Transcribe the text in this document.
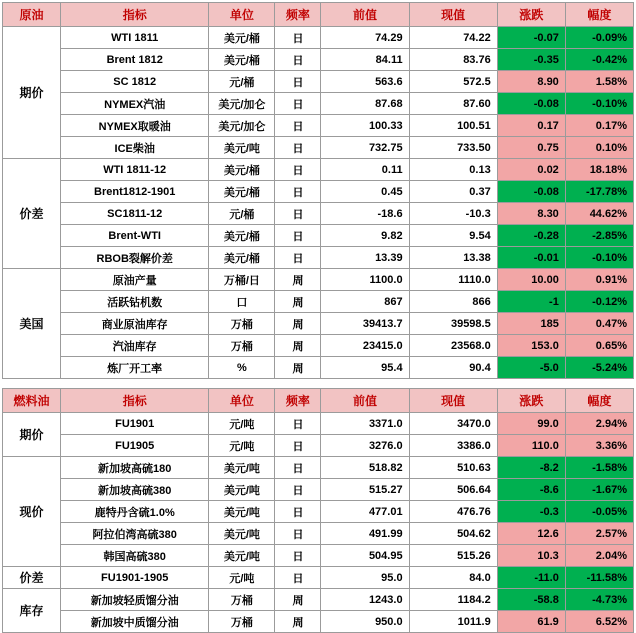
原油	指标	单位	频率	前值	现值	涨跌	幅度
期价	WTI 1811	美元/桶	日	74.29	74.22	-0.07	-0.09%
	Brent 1812	美元/桶	日	84.11	83.76	-0.35	-0.42%
	SC 1812	元/桶	日	563.6	572.5	8.90	1.58%
	NYMEX汽油	美元/加仑	日	87.68	87.60	-0.08	-0.10%
	NYMEX取暖油	美元/加仑	日	100.33	100.51	0.17	0.17%
	ICE柴油	美元/吨	日	732.75	733.50	0.75	0.10%
价差	WTI 1811-12	美元/桶	日	0.11	0.13	0.02	18.18%
	Brent1812-1901	美元/桶	日	0.45	0.37	-0.08	-17.78%
	SC1811-12	元/桶	日	-18.6	-10.3	8.30	44.62%
	Brent-WTI	美元/桶	日	9.82	9.54	-0.28	-2.85%
	RBOB裂解价差	美元/桶	日	13.39	13.38	-0.01	-0.10%
美国	原油产量	万桶/日	周	1100.0	1110.0	10.00	0.91%
	活跃钻机数	口	周	867	866	-1	-0.12%
	商业原油库存	万桶	周	39413.7	39598.5	185	0.47%
	汽油库存	万桶	周	23415.0	23568.0	153.0	0.65%
	炼厂开工率	%	周	95.4	90.4	-5.0	-5.24%
燃料油	指标	单位	频率	前值	现值	涨跌	幅度
期价	FU1901	元/吨	日	3371.0	3470.0	99.0	2.94%
	FU1905	元/吨	日	3276.0	3386.0	110.0	3.36%
现价	新加坡高硫180	美元/吨	日	518.82	510.63	-8.2	-1.58%
	新加坡高硫380	美元/吨	日	515.27	506.64	-8.6	-1.67%
	鹿特丹含硫1.0%	美元/吨	日	477.01	476.76	-0.3	-0.05%
	阿拉伯湾高硫380	美元/吨	日	491.99	504.62	12.6	2.57%
	韩国高硫380	美元/吨	日	504.95	515.26	10.3	2.04%
价差	FU1901-1905	元/吨	日	95.0	84.0	-11.0	-11.58%
库存	新加坡轻质馏分油	万桶	周	1243.0	1184.2	-58.8	-4.73%
	新加坡中质馏分油	万桶	周	950.0	1011.9	61.9	6.52%
